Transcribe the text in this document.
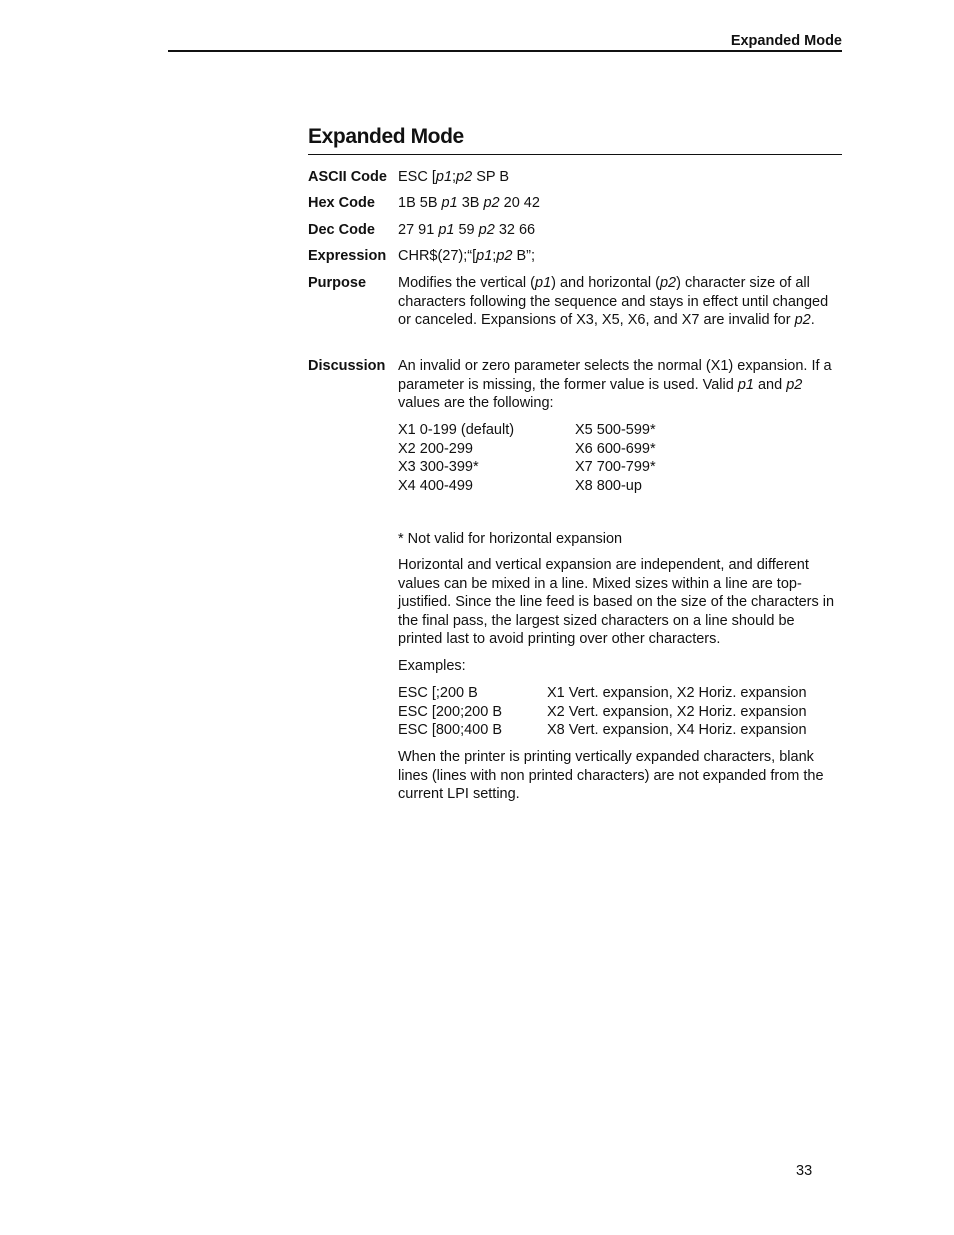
Expanded Mode
Expanded Mode
ASCII Code ESC [p1;p2 SP B
Hex Code 1B 5B p1 3B p2 20 42
Dec Code 27 91 p1 59 p2 32 66
Expression CHR$(27);“[p1;p2 B”;
Purpose Modifies the vertical (p1) and horizontal (p2) character size of all characters following the sequence and stays in effect until changed or canceled. Expansions of X3, X5, X6, and X7 are invalid for p2.
Discussion An invalid or zero parameter selects the normal (X1) expansion. If a parameter is missing, the former value is used. Valid p1 and p2 values are the following:
X1 0-199 (default)
X2 200-299
X3 300-399*
X4 400-499
X5 500-599*
X6 600-699*
X7 700-799*
X8 800-up
* Not valid for horizontal expansion
Horizontal and vertical expansion are independent, and different values can be mixed in a line. Mixed sizes within a line are top-justified. Since the line feed is based on the size of the characters in the final pass, the largest sized characters on a line should be printed last to avoid printing over other characters.
Examples:
ESC [;200 B
ESC [200;200 B
ESC [800;400 B
X1 Vert. expansion, X2 Horiz. expansion
X2 Vert. expansion, X2 Horiz. expansion
X8 Vert. expansion, X4 Horiz. expansion
When the printer is printing vertically expanded characters, blank lines (lines with non printed characters) are not expanded from the current LPI setting.
33
